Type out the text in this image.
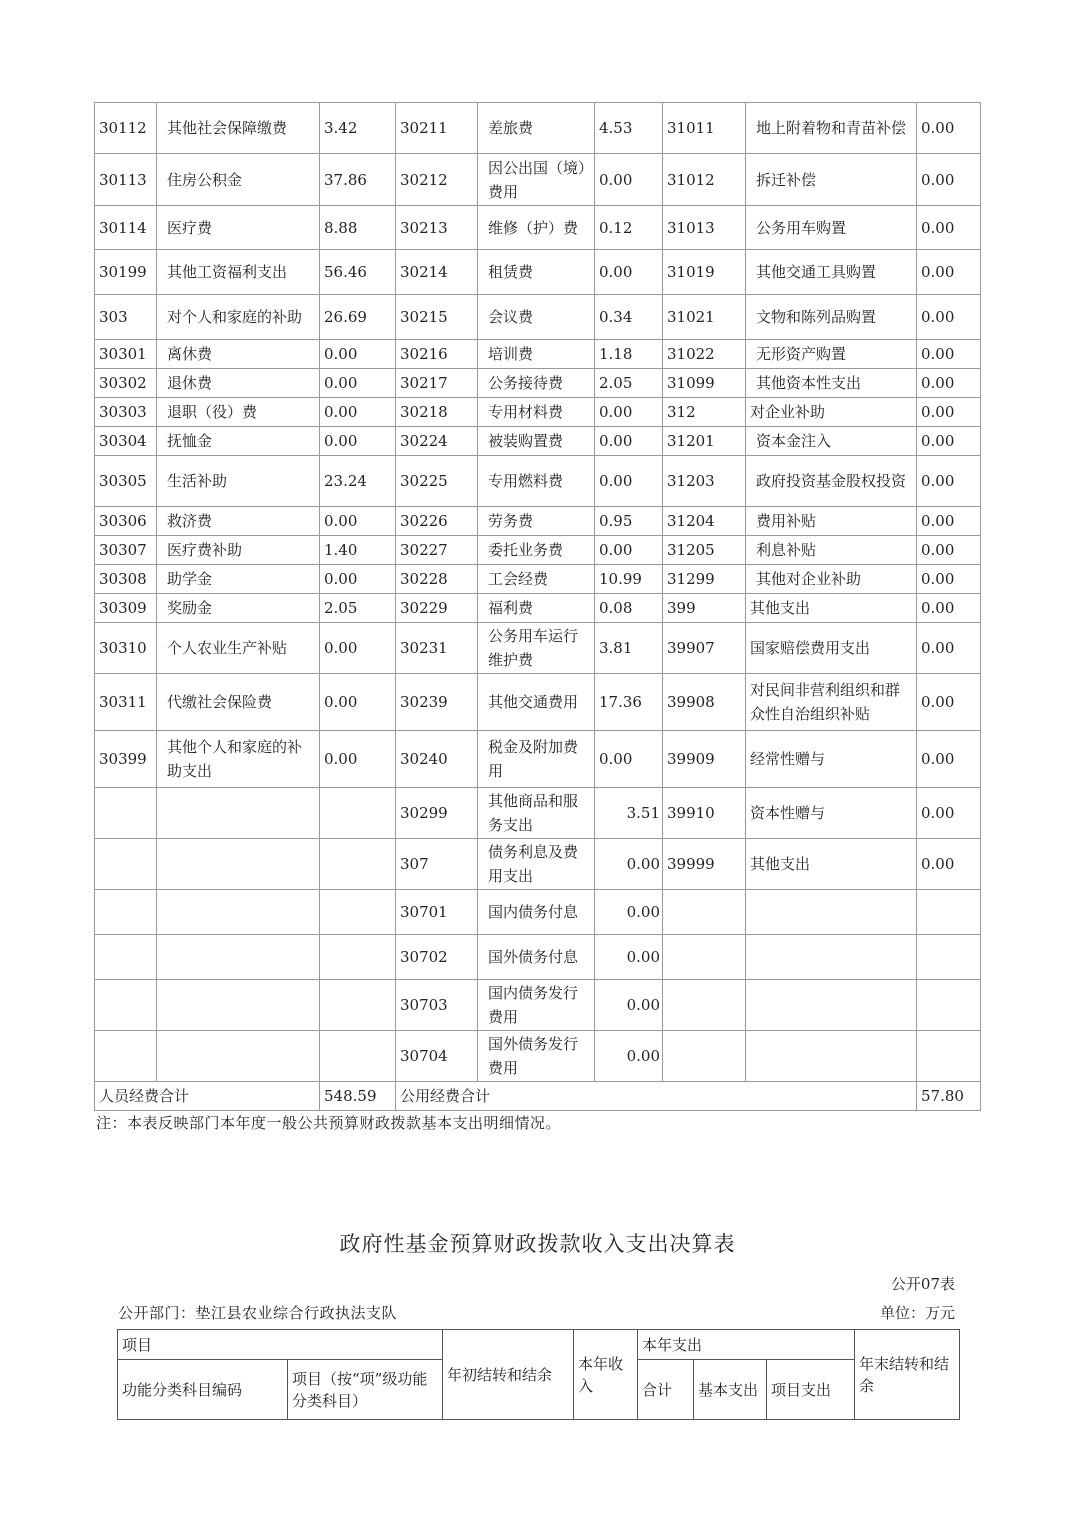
30112	其他社会保障缴费	3.42	30211	差旅费	4.53	31011	地上附着物和青苗补偿	0.00
30113	住房公积金	37.86	30212	因公出国（境）费用	0.00	31012	拆迁补偿	0.00
30114	医疗费	8.88	30213	维修（护）费	0.12	31013	公务用车购置	0.00
30199	其他工资福利支出	56.46	30214	租赁费	0.00	31019	其他交通工具购置	0.00
303	对个人和家庭的补助	26.69	30215	会议费	0.34	31021	文物和陈列品购置	0.00
30301	离休费	0.00	30216	培训费	1.18	31022	无形资产购置	0.00
30302	退休费	0.00	30217	公务接待费	2.05	31099	其他资本性支出	0.00
30303	退职（役）费	0.00	30218	专用材料费	0.00	312	对企业补助	0.00
30304	抚恤金	0.00	30224	被装购置费	0.00	31201	资本金注入	0.00
30305	生活补助	23.24	30225	专用燃料费	0.00	31203	政府投资基金股权投资	0.00
30306	救济费	0.00	30226	劳务费	0.95	31204	费用补贴	0.00
30307	医疗费补助	1.40	30227	委托业务费	0.00	31205	利息补贴	0.00
30308	助学金	0.00	30228	工会经费	10.99	31299	其他对企业补助	0.00
30309	奖励金	2.05	30229	福利费	0.08	399	其他支出	0.00
30310	个人农业生产补贴	0.00	30231	公务用车运行维护费	3.81	39907	国家赔偿费用支出	0.00
30311	代缴社会保险费	0.00	30239	其他交通费用	17.36	39908	对民间非营利组织和群众性自治组织补贴	0.00
30399	其他个人和家庭的补助支出	0.00	30240	税金及附加费用	0.00	39909	经常性赠与	0.00
			30299	其他商品和服务支出	3.51	39910	资本性赠与	0.00
			307	债务利息及费用支出	0.00	39999	其他支出	0.00
			30701	国内债务付息	0.00			
			30702	国外债务付息	0.00			
			30703	国内债务发行费用	0.00			
			30704	国外债务发行费用	0.00			
人员经费合计		548.59	公用经费合计					57.80
注：本表反映部门本年度一般公共预算财政拨款基本支出明细情况。
政府性基金预算财政拨款收入支出决算表
公开07表
公开部门：垫江县农业综合行政执法支队	单位：万元
项目		年初结转和结余	本年收入	本年支出			年末结转和结余
功能分类科目编码	项目（按“项”级功能分类科目）			合计	基本支出	项目支出	
